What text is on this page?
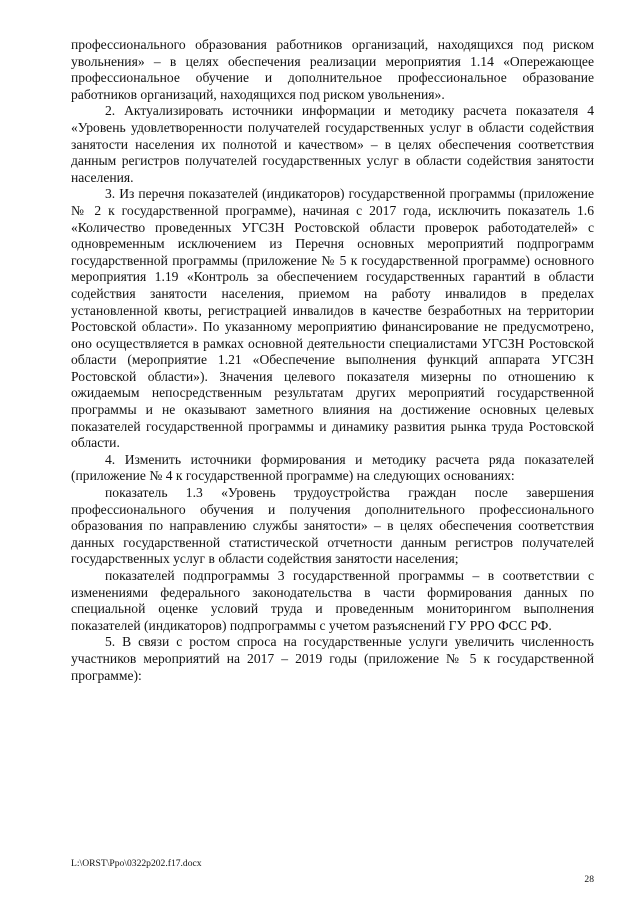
профессионального образования работников организаций, находящихся под риском увольнения» – в целях обеспечения реализации мероприятия 1.14 «Опережающее профессиональное обучение и дополнительное профессиональное образование работников организаций, находящихся под риском увольнения».

2. Актуализировать источники информации и методику расчета показателя 4 «Уровень удовлетворенности получателей государственных услуг в области содействия занятости населения их полнотой и качеством» – в целях обеспечения соответствия данным регистров получателей государственных услуг в области содействия занятости населения.

3. Из перечня показателей (индикаторов) государственной программы (приложение № 2 к государственной программе), начиная с 2017 года, исключить показатель 1.6 «Количество проведенных УГСЗН Ростовской области проверок работодателей» с одновременным исключением из Перечня основных мероприятий подпрограмм государственной программы (приложение № 5 к государственной программе) основного мероприятия 1.19 «Контроль за обеспечением государственных гарантий в области содействия занятости населения, приемом на работу инвалидов в пределах установленной квоты, регистрацией инвалидов в качестве безработных на территории Ростовской области». По указанному мероприятию финансирование не предусмотрено, оно осуществляется в рамках основной деятельности специалистами УГСЗН Ростовской области (мероприятие 1.21 «Обеспечение выполнения функций аппарата УГСЗН Ростовской области»). Значения целевого показателя мизерны по отношению к ожидаемым непосредственным результатам других мероприятий государственной программы и не оказывают заметного влияния на достижение основных целевых показателей государственной программы и динамику развития рынка труда Ростовской области.

4. Изменить источники формирования и методику расчета ряда показателей (приложение № 4 к государственной программе) на следующих основаниях:

показатель 1.3 «Уровень трудоустройства граждан после завершения профессионального обучения и получения дополнительного профессионального образования по направлению службы занятости» – в целях обеспечения соответствия данных государственной статистической отчетности данным регистров получателей государственных услуг в области содействия занятости населения;

показателей подпрограммы 3 государственной программы – в соответствии с изменениями федерального законодательства в части формирования данных по специальной оценке условий труда и проведенным мониторингом выполнения показателей (индикаторов) подпрограммы с учетом разъяснений ГУ РРО ФСС РФ.

5. В связи с ростом спроса на государственные услуги увеличить численность участников мероприятий на 2017 – 2019 годы (приложение № 5 к государственной программе):

L:\ORST\Ppo\0322p202.f17.docx
28
